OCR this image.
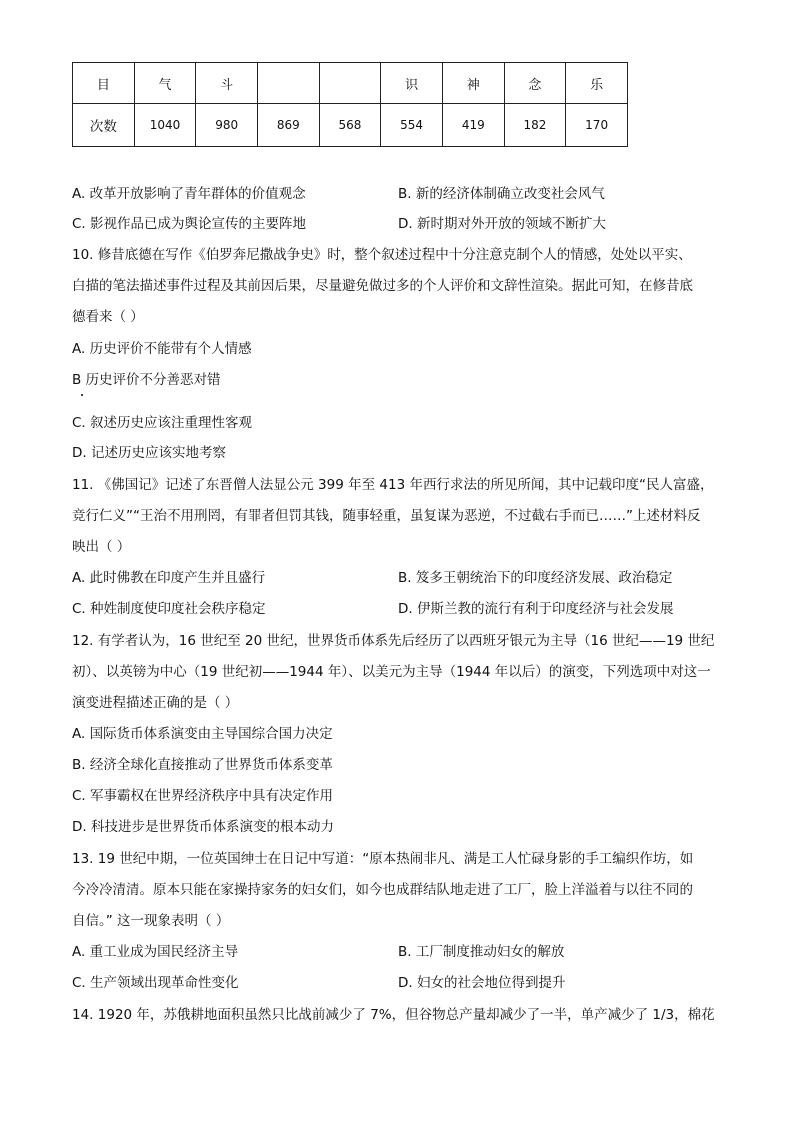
目	气	斗			识	神	念	乐
次数	1040	980	869	568	554	419	182	170
A. 改革开放影响了青年群体的价值观念	B. 新的经济体制确立改变社会风气
C. 影视作品已成为舆论宣传的主要阵地	D. 新时期对外开放的领域不断扩大
10. 修昔底德在写作《伯罗奔尼撒战争史》时，整个叙述过程中十分注意克制个人的情感，处处以平实、
白描的笔法描述事件过程及其前因后果，尽量避免做过多的个人评价和文辞性渲染。据此可知，在修昔底
德看来（ ）
A. 历史评价不能带有个人情感
B 历史评价不分善恶对错
C. 叙述历史应该注重理性客观
D. 记述历史应该实地考察
11. 《佛国记》记述了东晋僧人法显公元 399 年至 413 年西行求法的所见所闻，其中记载印度“民人富盛，
竞行仁义”“王治不用刑罔，有罪者但罚其钱，随事轻重，虽复谋为恶逆，不过截右手而已……”上述材料反
映出（ ）
A. 此时佛教在印度产生并且盛行	B. 笈多王朝统治下的印度经济发展、政治稳定
C. 种姓制度使印度社会秩序稳定	D. 伊斯兰教的流行有利于印度经济与社会发展
12. 有学者认为，16 世纪至 20 世纪，世界货币体系先后经历了以西班牙银元为主导（16 世纪——19 世纪
初）、以英镑为中心（19 世纪初——1944 年）、以美元为主导（1944 年以后）的演变，下列选项中对这一
演变进程描述正确的是（ ）
A. 国际货币体系演变由主导国综合国力决定
B. 经济全球化直接推动了世界货币体系变革
C. 军事霸权在世界经济秩序中具有决定作用
D. 科技进步是世界货币体系演变的根本动力
13. 19 世纪中期，一位英国绅士在日记中写道：“原本热闹非凡、满是工人忙碌身影的手工编织作坊，如
今冷冷清清。原本只能在家操持家务的妇女们，如今也成群结队地走进了工厂，脸上洋溢着与以往不同的
自信。” 这一现象表明（ ）
A. 重工业成为国民经济主导	B. 工厂制度推动妇女的解放
C. 生产领域出现革命性变化	D. 妇女的社会地位得到提升
14. 1920 年，苏俄耕地面积虽然只比战前减少了 7%，但谷物总产量却减少了一半，单产减少了 1/3，棉花
